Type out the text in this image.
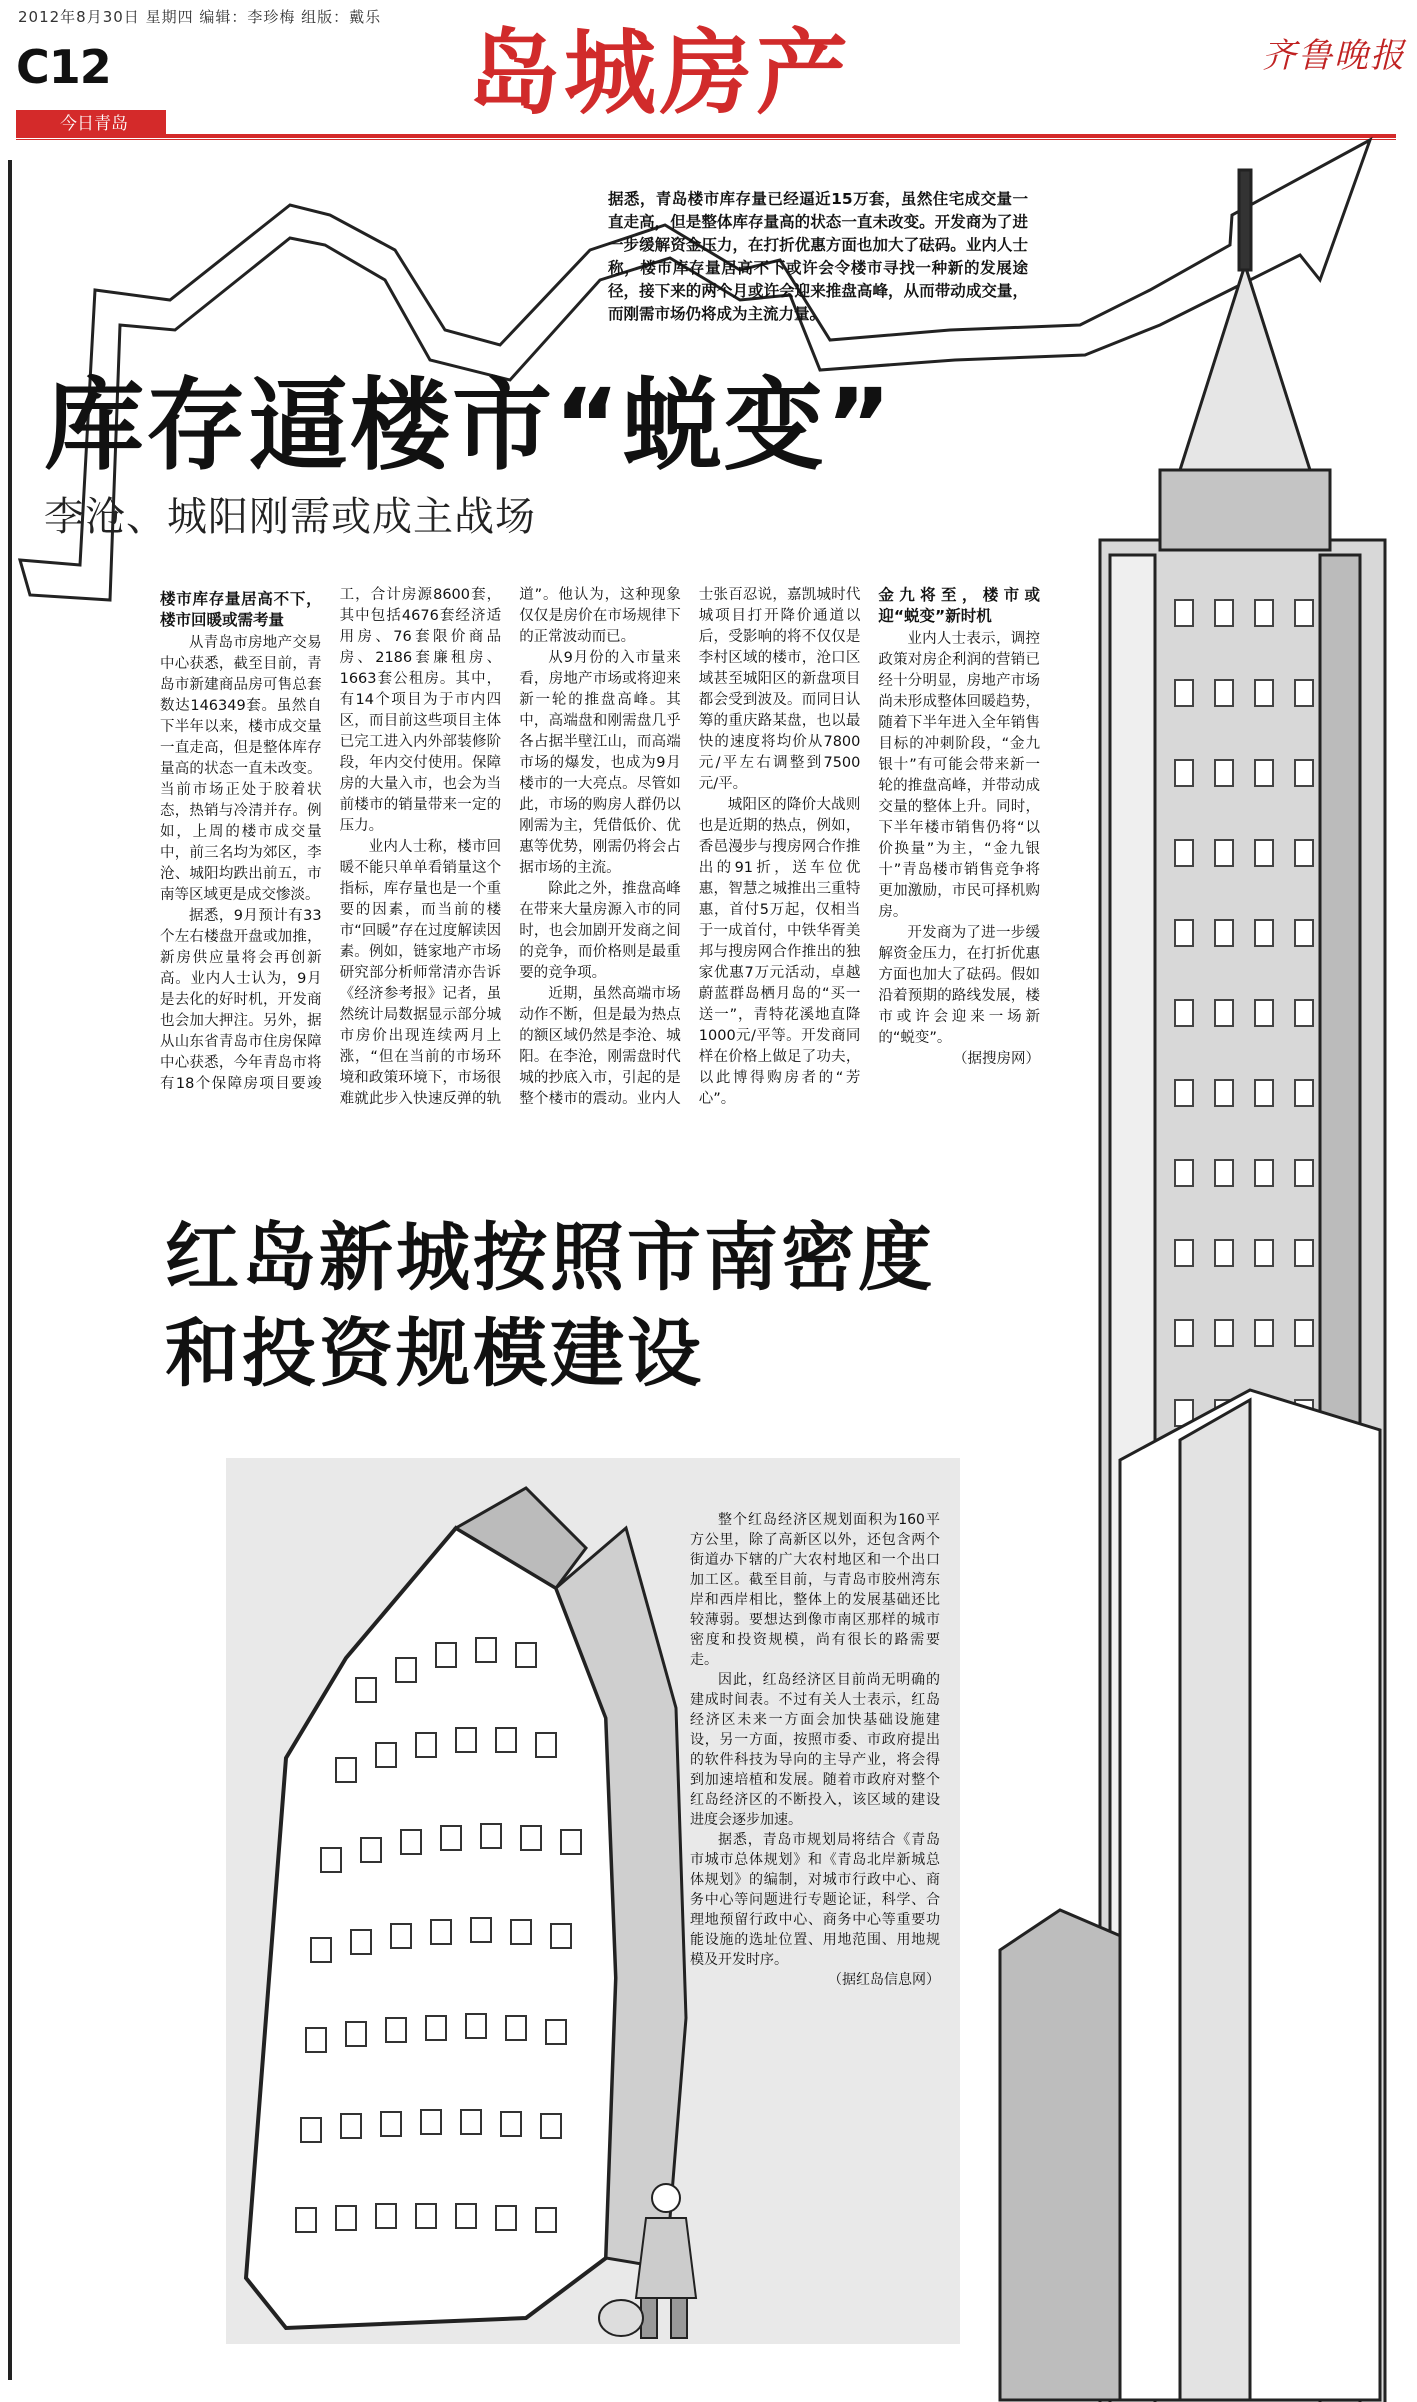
2012年8月30日 星期四 编辑：李珍梅 组版：戴乐
C12
今日青岛	岛城房产	齐鲁晚报
据悉，青岛楼市库存量已经逼近15万套，虽然住宅成交量一直走高，但是整体库存量高的状态一直未改变。开发商为了进一步缓解资金压力，在打折优惠方面也加大了砝码。业内人士称，楼市库存量居高不下或许会令楼市寻找一种新的发展途径，接下来的两个月或许会迎来推盘高峰，从而带动成交量，而刚需市场仍将成为主流力量。
库存逼楼市“蜕变”
李沧、城阳刚需或成主战场

楼市库存量居高不下，楼市回暖或需考量

从青岛市房地产交易中心获悉，截至目前，青岛市新建商品房可售总套数达146349套。虽然自下半年以来，楼市成交量一直走高，但是整体库存量高的状态一直未改变。当前市场正处于胶着状态，热销与冷清并存。例如，上周的楼市成交量中，前三名均为郊区，李沧、城阳均跌出前五，市南等区域更是成交惨淡。

据悉，9月预计有33个左右楼盘开盘或加推，新房供应量将会再创新高。业内人士认为，9月是去化的好时机，开发商也会加大押注。另外，据从山东省青岛市住房保障中心获悉，今年青岛市将有18个保障房项目要竣工，合计房源8600套，其中包括4676套经济适用房、76套限价商品房、2186套廉租房、1663套公租房。其中，有14个项目为于市内四区，而目前这些项目主体已完工进入内外部装修阶段，年内交付使用。保障房的大量入市，也会为当前楼市的销量带来一定的压力。

业内人士称，楼市回暖不能只单单看销量这个指标，库存量也是一个重要的因素，而当前的楼市“回暖”存在过度解读因素。例如，链家地产市场研究部分析师常清亦告诉《经济参考报》记者，虽然统计局数据显示部分城市房价出现连续两月上涨，“但在当前的市场环境和政策环境下，市场很难就此步入快速反弹的轨道”。他认为，这种现象仅仅是房价在市场规律下的正常波动而已。

从9月份的入市量来看，房地产市场或将迎来新一轮的推盘高峰。其中，高端盘和刚需盘几乎各占据半壁江山，而高端市场的爆发，也成为9月楼市的一大亮点。尽管如此，市场的购房人群仍以刚需为主，凭借低价、优惠等优势，刚需仍将会占据市场的主流。

除此之外，推盘高峰在带来大量房源入市的同时，也会加剧开发商之间的竞争，而价格则是最重要的竞争项。

近期，虽然高端市场动作不断，但是最为热点的额区域仍然是李沧、城阳。在李沧，刚需盘时代城的抄底入市，引起的是整个楼市的震动。业内人士张百忍说，嘉凯城时代城项目打开降价通道以后，受影响的将不仅仅是李村区域的楼市，沧口区域甚至城阳区的新盘项目都会受到波及。而同日认筹的重庆路某盘，也以最快的速度将均价从7800元/平左右调整到7500元/平。

城阳区的降价大战则也是近期的热点，例如，香邑漫步与搜房网合作推出的91折，送车位优惠，智慧之城推出三重特惠，首付5万起，仅相当于一成首付，中铁华胥美邦与搜房网合作推出的独家优惠7万元活动，卓越蔚蓝群岛栖月岛的“买一送一”，青特花溪地直降1000元/平等。开发商同样在价格上做足了功夫，以此博得购房者的“芳心”。

金九将至，楼市或迎“蜕变”新时机

业内人士表示，调控政策对房企利润的营销已经十分明显，房地产市场尚未形成整体回暖趋势，随着下半年进入全年销售目标的冲刺阶段，“金九银十”有可能会带来新一轮的推盘高峰，并带动成交量的整体上升。同时，下半年楼市销售仍将“以价换量”为主，“金九银十”青岛楼市销售竞争将更加激励，市民可择机购房。

开发商为了进一步缓解资金压力，在打折优惠方面也加大了砝码。假如沿着预期的路线发展，楼市或许会迎来一场新的“蜕变”。

（据搜房网）

红岛新城按照市南密度
和投资规模建设

整个红岛经济区规划面积为160平方公里，除了高新区以外，还包含两个街道办下辖的广大农村地区和一个出口加工区。截至目前，与青岛市胶州湾东岸和西岸相比，整体上的发展基础还比较薄弱。要想达到像市南区那样的城市密度和投资规模，尚有很长的路需要走。

因此，红岛经济区目前尚无明确的建成时间表。不过有关人士表示，红岛经济区未来一方面会加快基础设施建设，另一方面，按照市委、市政府提出的软件科技为导向的主导产业，将会得到加速培植和发展。随着市政府对整个红岛经济区的不断投入，该区域的建设进度会逐步加速。

据悉，青岛市规划局将结合《青岛市城市总体规划》和《青岛北岸新城总体规划》的编制，对城市行政中心、商务中心等问题进行专题论证，科学、合理地预留行政中心、商务中心等重要功能设施的选址位置、用地范围、用地规模及开发时序。

（据红岛信息网）
